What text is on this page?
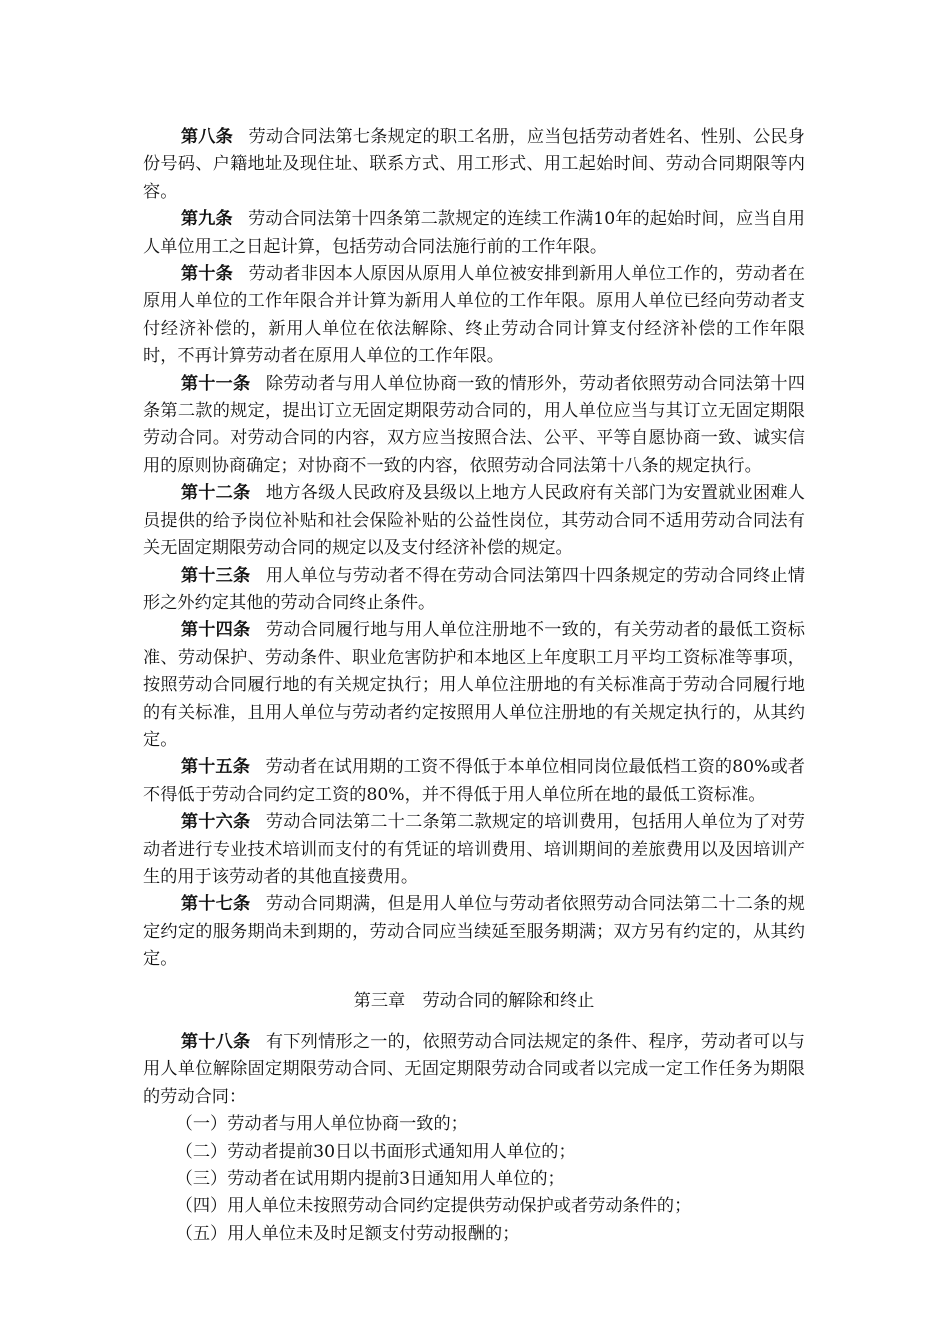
第八条 劳动合同法第七条规定的职工名册，应当包括劳动者姓名、性别、公民身份号码、户籍地址及现住址、联系方式、用工形式、用工起始时间、劳动合同期限等内容。

第九条 劳动合同法第十四条第二款规定的连续工作满10年的起始时间，应当自用人单位用工之日起计算，包括劳动合同法施行前的工作年限。

第十条 劳动者非因本人原因从原用人单位被安排到新用人单位工作的，劳动者在原用人单位的工作年限合并计算为新用人单位的工作年限。原用人单位已经向劳动者支付经济补偿的，新用人单位在依法解除、终止劳动合同计算支付经济补偿的工作年限时，不再计算劳动者在原用人单位的工作年限。

第十一条 除劳动者与用人单位协商一致的情形外，劳动者依照劳动合同法第十四条第二款的规定，提出订立无固定期限劳动合同的，用人单位应当与其订立无固定期限劳动合同。对劳动合同的内容，双方应当按照合法、公平、平等自愿协商一致、诚实信用的原则协商确定；对协商不一致的内容，依照劳动合同法第十八条的规定执行。

第十二条 地方各级人民政府及县级以上地方人民政府有关部门为安置就业困难人员提供的给予岗位补贴和社会保险补贴的公益性岗位，其劳动合同不适用劳动合同法有关无固定期限劳动合同的规定以及支付经济补偿的规定。

第十三条 用人单位与劳动者不得在劳动合同法第四十四条规定的劳动合同终止情形之外约定其他的劳动合同终止条件。

第十四条 劳动合同履行地与用人单位注册地不一致的，有关劳动者的最低工资标准、劳动保护、劳动条件、职业危害防护和本地区上年度职工月平均工资标准等事项，按照劳动合同履行地的有关规定执行；用人单位注册地的有关标准高于劳动合同履行地的有关标准，且用人单位与劳动者约定按照用人单位注册地的有关规定执行的，从其约定。

第十五条 劳动者在试用期的工资不得低于本单位相同岗位最低档工资的80%或者不得低于劳动合同约定工资的80%，并不得低于用人单位所在地的最低工资标准。

第十六条 劳动合同法第二十二条第二款规定的培训费用，包括用人单位为了对劳动者进行专业技术培训而支付的有凭证的培训费用、培训期间的差旅费用以及因培训产生的用于该劳动者的其他直接费用。

第十七条 劳动合同期满，但是用人单位与劳动者依照劳动合同法第二十二条的规定约定的服务期尚未到期的，劳动合同应当续延至服务期满；双方另有约定的，从其约定。

第三章 劳动合同的解除和终止

第十八条 有下列情形之一的，依照劳动合同法规定的条件、程序，劳动者可以与用人单位解除固定期限劳动合同、无固定期限劳动合同或者以完成一定工作任务为期限的劳动合同：

（一）劳动者与用人单位协商一致的；

（二）劳动者提前30日以书面形式通知用人单位的；

（三）劳动者在试用期内提前3日通知用人单位的；

（四）用人单位未按照劳动合同约定提供劳动保护或者劳动条件的；

（五）用人单位未及时足额支付劳动报酬的；
